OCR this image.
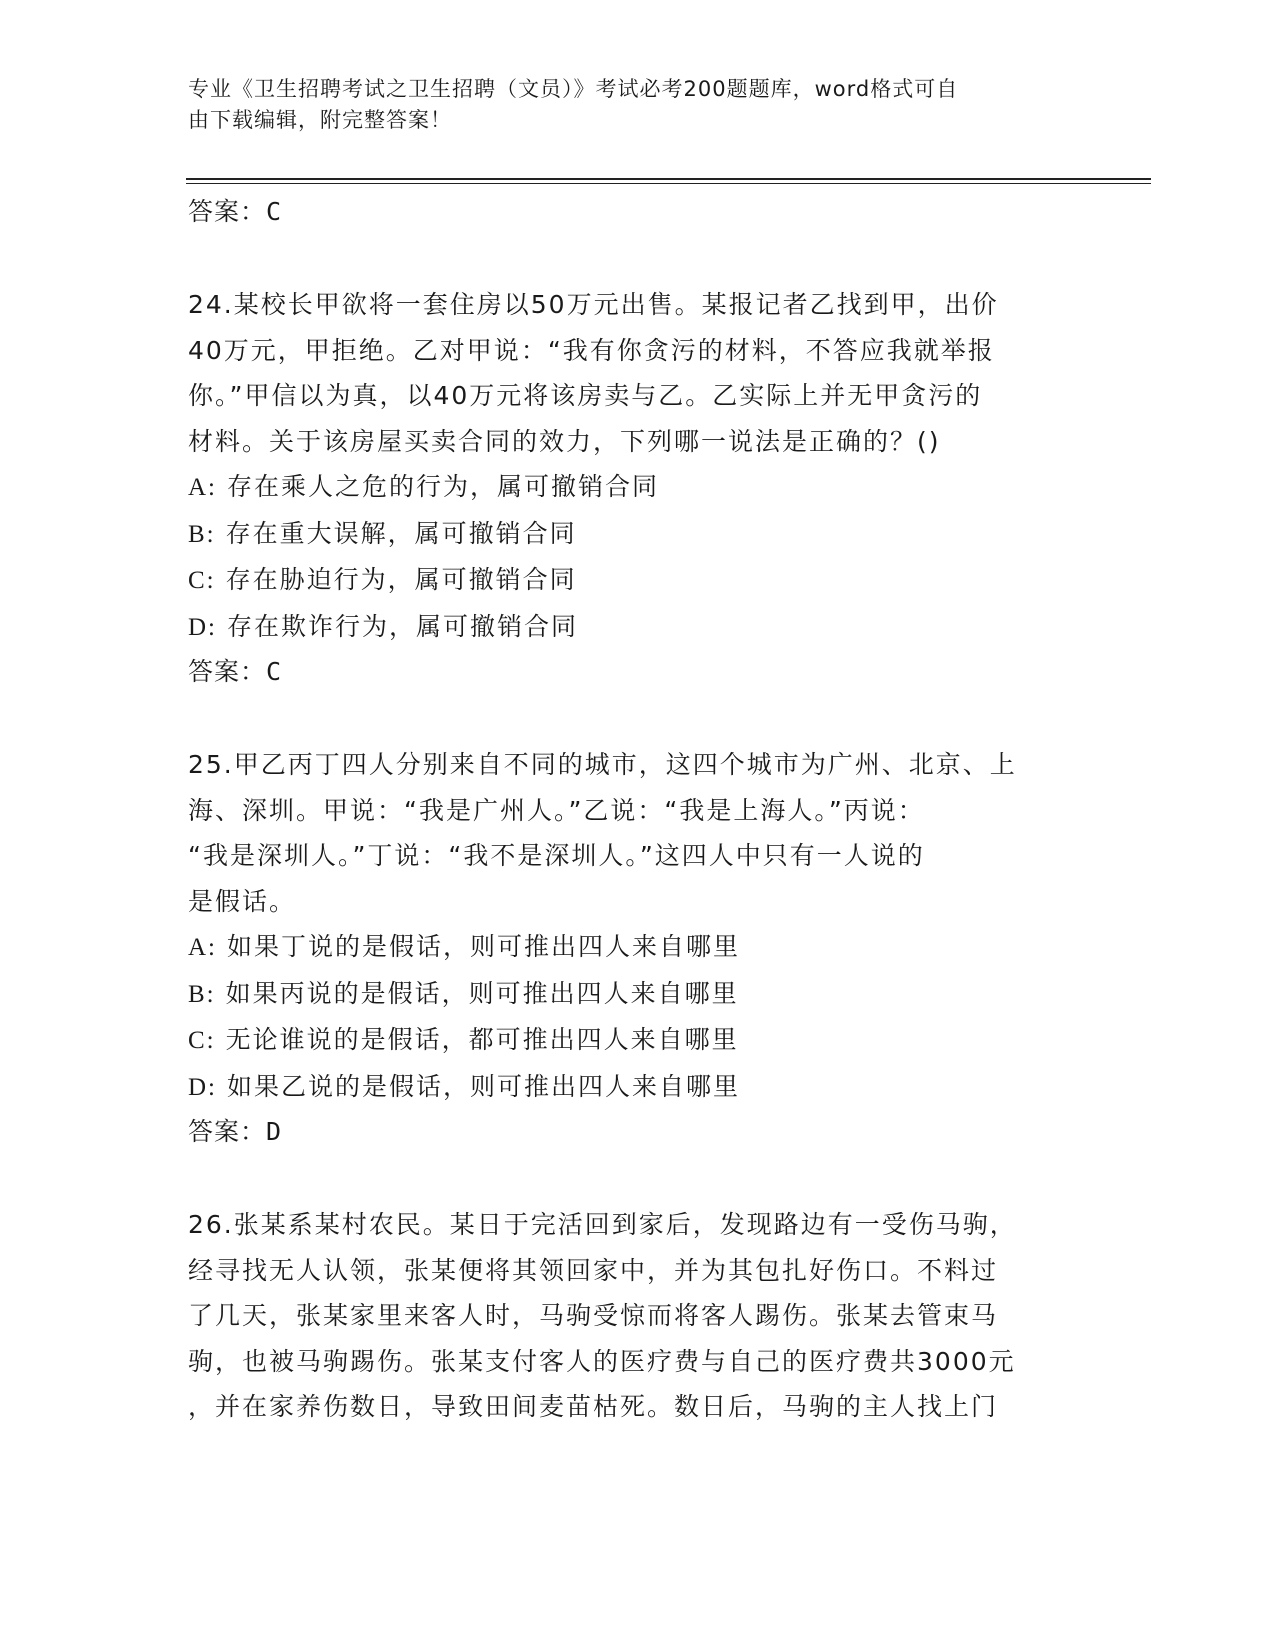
专业《卫生招聘考试之卫生招聘（文员）》考试必考200题题库，word格式可自
由下载编辑，附完整答案！
答案：C
24.某校长甲欲将一套住房以50万元出售。某报记者乙找到甲，出价
40万元，甲拒绝。乙对甲说：“我有你贪污的材料，不答应我就举报
你。”甲信以为真，以40万元将该房卖与乙。乙实际上并无甲贪污的
材料。关于该房屋买卖合同的效力，下列哪一说法是正确的？()
A: 存在乘人之危的行为，属可撤销合同
B: 存在重大误解，属可撤销合同
C: 存在胁迫行为，属可撤销合同
D: 存在欺诈行为，属可撤销合同
答案：C
25.甲乙丙丁四人分别来自不同的城市，这四个城市为广州、北京、上
海、深圳。甲说：“我是广州人。”乙说：“我是上海人。”丙说：
“我是深圳人。”丁说：“我不是深圳人。”这四人中只有一人说的
是假话。
A: 如果丁说的是假话，则可推出四人来自哪里
B: 如果丙说的是假话，则可推出四人来自哪里
C: 无论谁说的是假话，都可推出四人来自哪里
D: 如果乙说的是假话，则可推出四人来自哪里
答案：D
26.张某系某村农民。某日于完活回到家后，发现路边有一受伤马驹，
经寻找无人认领，张某便将其领回家中，并为其包扎好伤口。不料过
了几天，张某家里来客人时，马驹受惊而将客人踢伤。张某去管束马
驹，也被马驹踢伤。张某支付客人的医疗费与自己的医疗费共3000元
，并在家养伤数日，导致田间麦苗枯死。数日后，马驹的主人找上门
